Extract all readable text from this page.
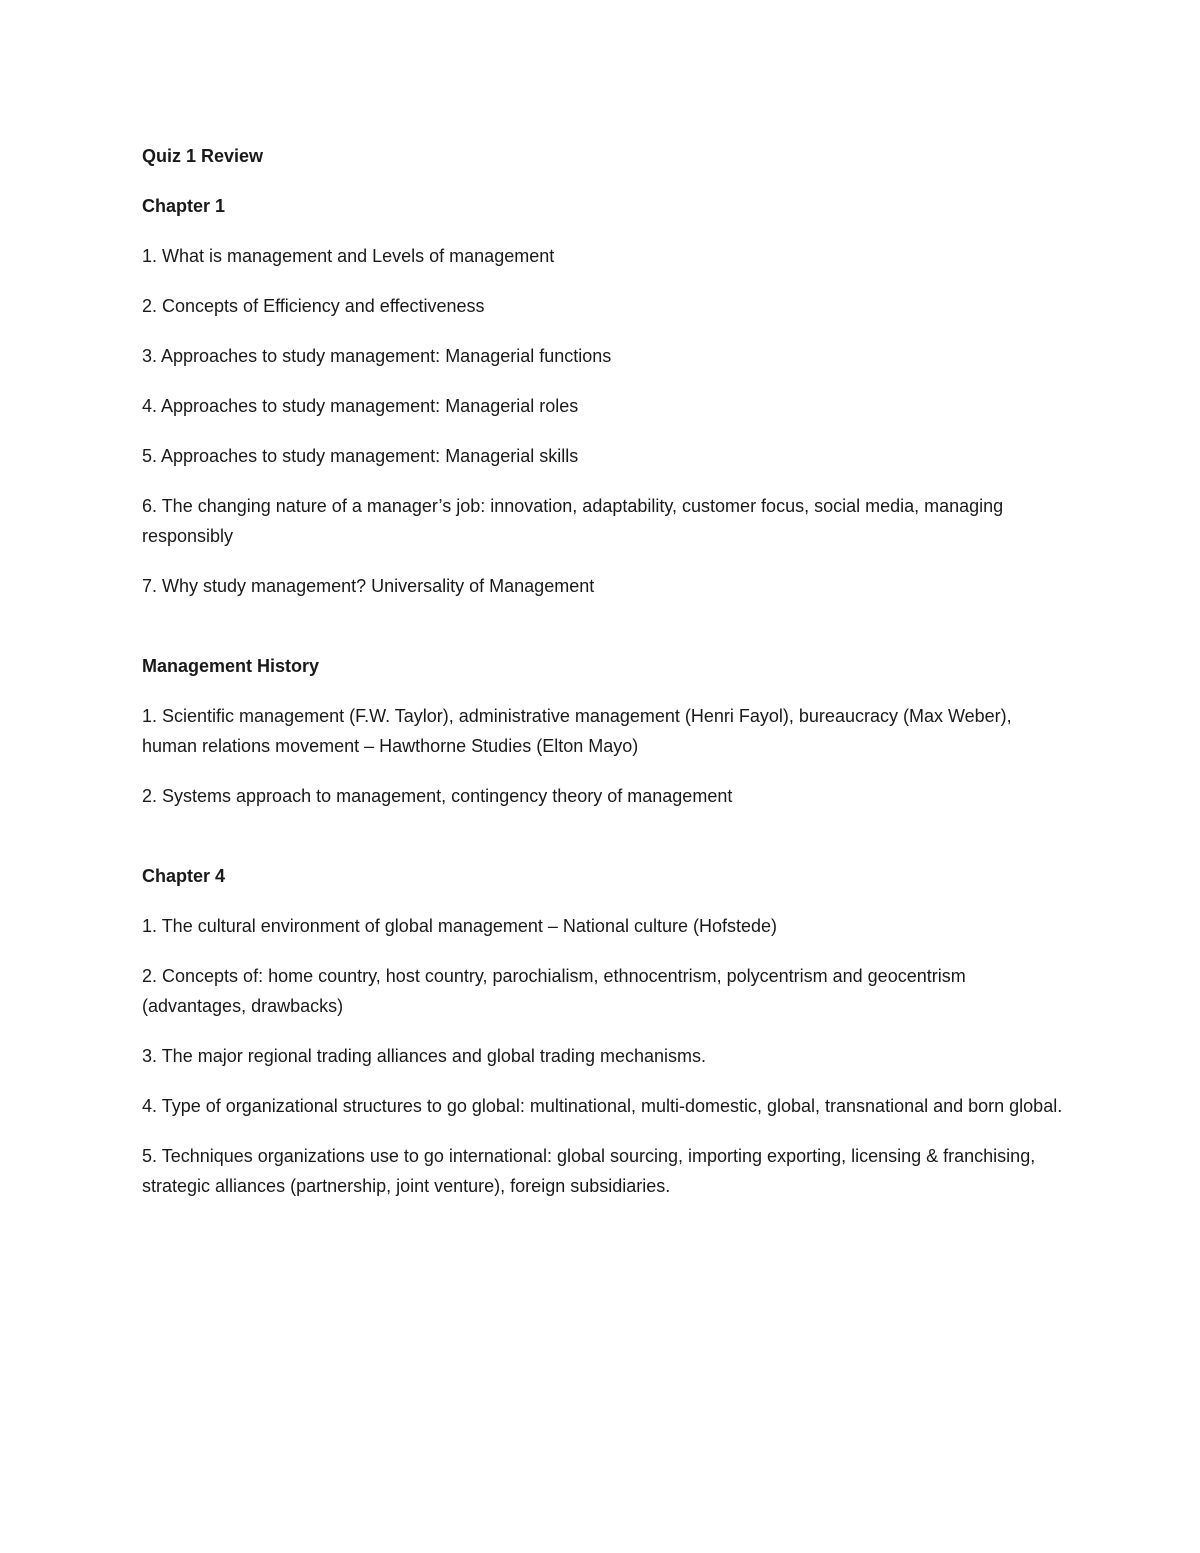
Quiz 1 Review
Chapter 1
1. What is management and Levels of management
2. Concepts of Efficiency and effectiveness
3. Approaches to study management: Managerial functions
4. Approaches to study management: Managerial roles
5. Approaches to study management: Managerial skills
6. The changing nature of a manager’s job: innovation, adaptability, customer focus, social media, managing responsibly
7. Why study management? Universality of Management
Management History
1. Scientific management (F.W. Taylor), administrative management (Henri Fayol), bureaucracy (Max Weber), human relations movement – Hawthorne Studies (Elton Mayo)
2. Systems approach to management, contingency theory of management
Chapter 4
1. The cultural environment of global management – National culture (Hofstede)
2. Concepts of: home country, host country, parochialism, ethnocentrism, polycentrism and geocentrism (advantages, drawbacks)
3. The major regional trading alliances and global trading mechanisms.
4. Type of organizational structures to go global: multinational, multi-domestic, global, transnational and born global.
5. Techniques organizations use to go international: global sourcing, importing exporting, licensing & franchising, strategic alliances (partnership, joint venture), foreign subsidiaries.
